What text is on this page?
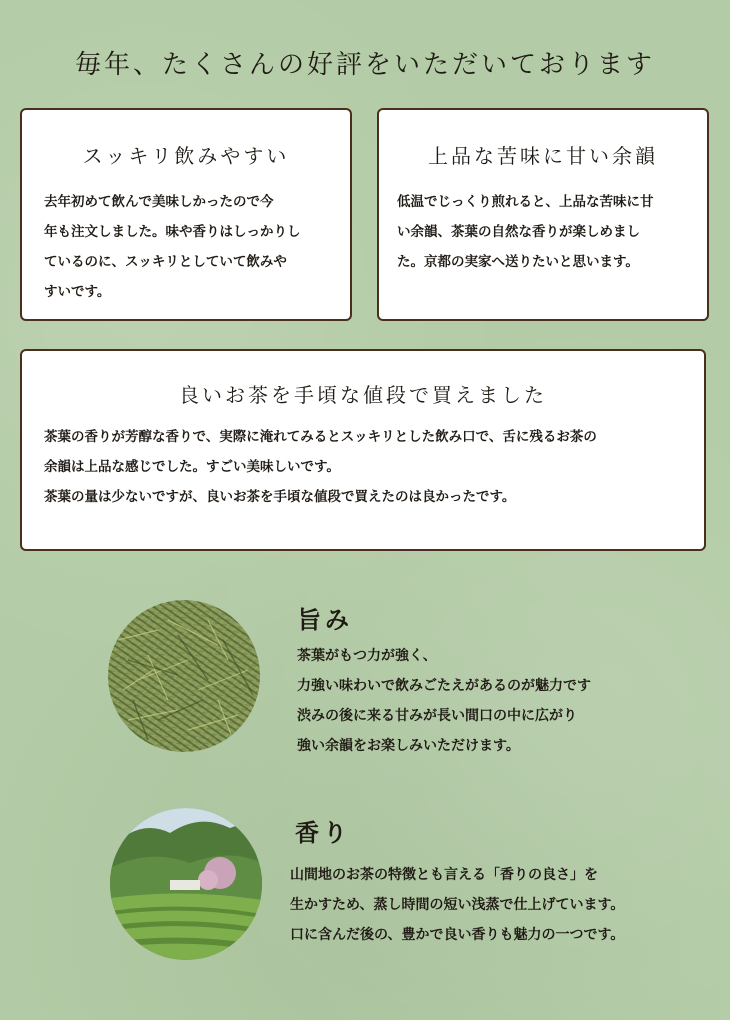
毎年、たくさんの好評をいただいております
スッキリ飲みやすい
去年初めて飲んで美味しかったので今
年も注文しました。味や香りはしっかりし
ているのに、スッキリとしていて飲みや
すいです。
上品な苦味に甘い余韻
低温でじっくり煎れると、上品な苦味に甘
い余韻、茶葉の自然な香りが楽しめまし
た。京都の実家へ送りたいと思います。
良いお茶を手頃な値段で買えました
茶葉の香りが芳醇な香りで、実際に淹れてみるとスッキリとした飲み口で、舌に残るお茶の
余韻は上品な感じでした。すごい美味しいです。
茶葉の量は少ないですが、良いお茶を手頃な値段で買えたのは良かったです。
旨み
茶葉がもつ力が強く、
力強い味わいで飲みごたえがあるのが魅力です
渋みの後に来る甘みが長い間口の中に広がり
強い余韻をお楽しみいただけます。
香り
山間地のお茶の特徴とも言える「香りの良さ」を
生かすため、蒸し時間の短い浅蒸で仕上げています。
口に含んだ後の、豊かで良い香りも魅力の一つです。
